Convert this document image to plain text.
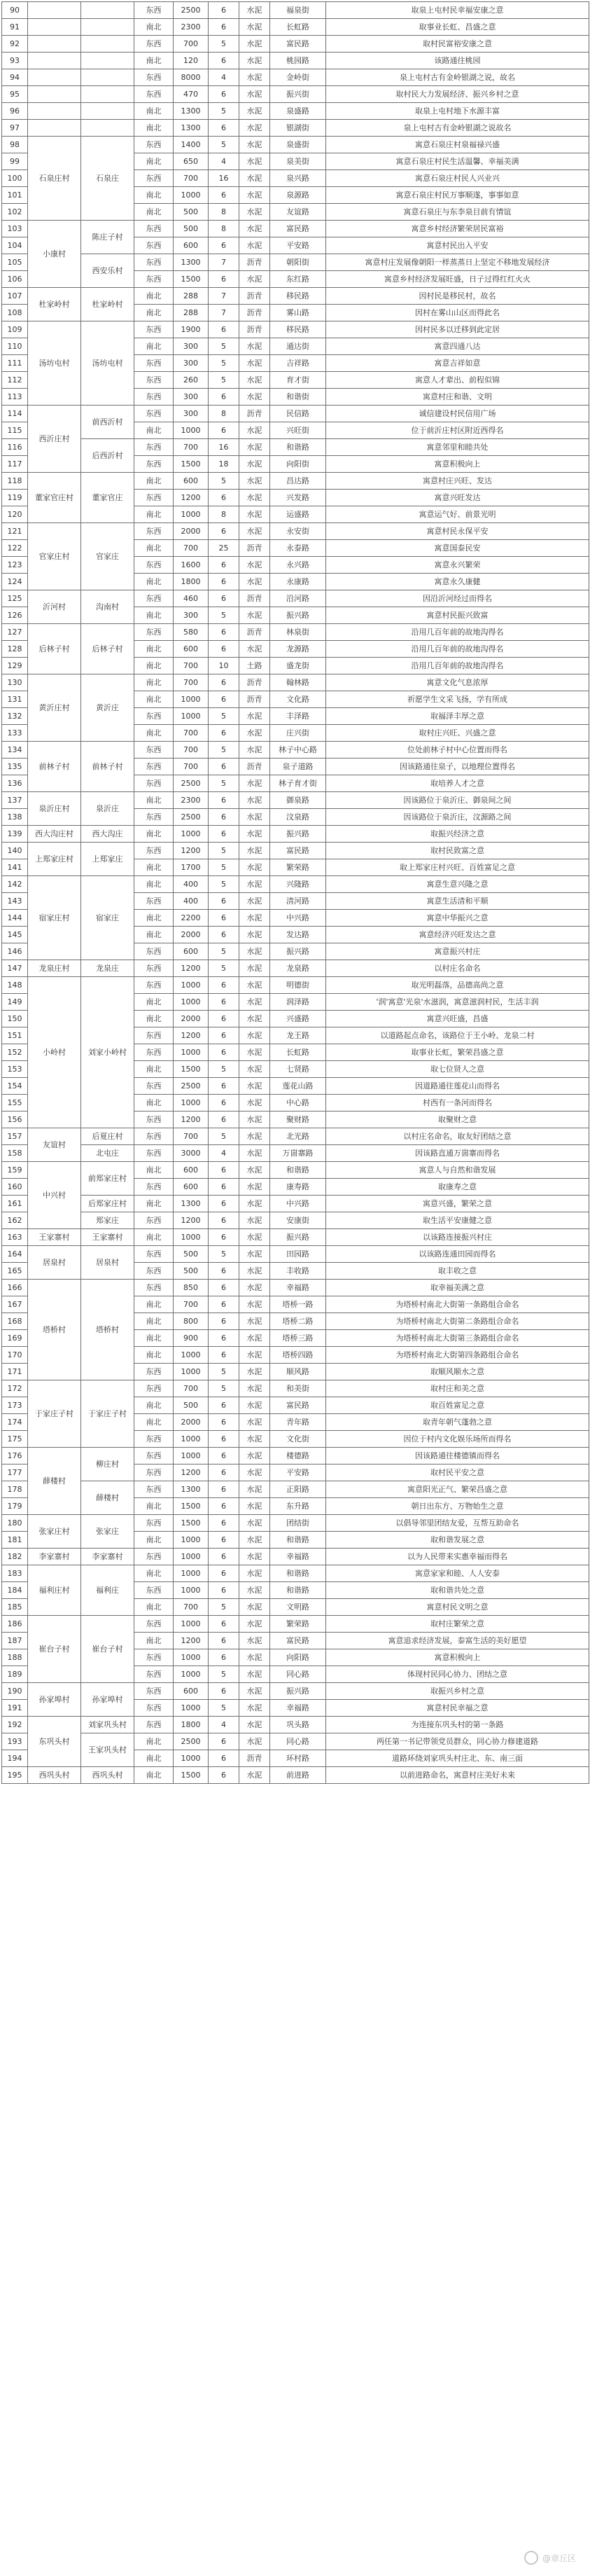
90			东西	2500	6	水泥	福泉街	取泉上屯村民幸福安康之意
91			南北	2300	6	水泥	长虹路	取事业长虹、昌盛之意
92			东西	700	5	水泥	富民路	取村民富裕安康之意
93			南北	120	6	水泥	桃园路	该路通往桃园
94			东西	8000	4	水泥	金岭街	泉上屯村古有金岭银湖之说，故名
95			东西	470	6	水泥	振兴街	取村民大力发展经济、振兴乡村之意
96			南北	1300	5	水泥	泉盛路	取泉上屯村地下水源丰富
97			南北	1300	6	水泥	银湖街	泉上屯村古有金岭银湖之说故名
98	石泉庄村	石泉庄	东西	1400	5	水泥	泉盛街	寓意石泉庄村泉福禄兴盛
99			南北	650	4	水泥	泉美街	寓意石泉庄村民生活温馨、幸福美满
100			东西	700	16	水泥	泉兴路	寓意石泉庄村民人兴业兴
101			南北	1000	6	水泥	泉源路	寓意石泉庄村民万事顺遂，事事如意
102			南北	500	8	水泥	友谊路	寓意石泉庄与东李泉目前有情谊
103	小康村	陈庄子村	东西	500	8	水泥	富民路	寓意乡村经济繁荣居民富裕
104			东西	600	6	水泥	平安路	寓意村民出入平安
105		西安乐村	东西	1300	7	沥青	朝阳街	寓意村庄发展像朝阳一样蒸蒸日上坚定不移地发展经济
106			东西	1500	6	水泥	东红路	寓意乡村经济发展旺盛，日子过得红红火火
107	杜家岭村	杜家岭村	南北	288	7	沥青	移民路	因村民是移民村，故名
108			南北	288	7	沥青	雾山路	因村在雾山山区而得此名
109	汤坊屯村	汤坊屯村	东西	1900	6	沥青	移民路	因村民多以迁移到此定居
110			南北	300	5	水泥	通达街	寓意四通八达
111			东西	300	5	水泥	吉祥路	寓意吉祥如意
112			东西	260	5	水泥	育才街	寓意人才辈出、前程似锦
113			东西	300	6	水泥	和谐街	寓意村庄和谐、文明
114	西沂庄村	前西沂村	东西	300	8	沥青	民信路	诚信建设村民信用广场
115			南北	1000	6	水泥	兴旺街	位于前沂庄村区附近西得名
116		后西沂村	东西	700	16	水泥	和谐路	寓意邻里和睦共处
117			东西	1500	18	水泥	向阳街	寓意积极向上
118	董家官庄村	董家官庄	南北	600	5	水泥	昌达路	寓意村庄兴旺、发达
119			东西	1200	6	水泥	兴发路	寓意兴旺发达
120			南北	1000	8	水泥	运盛路	寓意运气好、前景光明
121	官家庄村	官家庄	东西	2000	6	水泥	永安街	寓意村民永保平安
122			南北	700	25	沥青	永泰路	寓意国泰民安
123			东西	1600	6	水泥	永兴路	寓意永兴繁荣
124			南北	1800	6	水泥	永康路	寓意永久康健
125	沂河村	沟南村	东西	460	6	沥青	沿河路	因沿沂河经过而得名
126			南北	300	5	水泥	振兴路	寓意村民振兴致富
127	后林子村	后林子村	东西	580	6	沥青	林泉街	沿用几百年前的故地沟得名
128			南北	600	6	水泥	龙源路	沿用几百年前的故地沟得名
129			南北	700	10	土路	盛龙街	沿用几百年前的故地沟得名
130	黄沂庄村	黄沂庄	南北	700	6	沥青	翰林路	寓意文化气息浓厚
131			南北	1000	6	沥青	文化路	祈愿学生文采飞扬，学有所成
132			东西	1000	5	水泥	丰泽路	取福泽丰厚之意
133			南北	700	6	水泥	庄兴街	取村庄兴旺、兴盛之意
134	前林子村	前林子村	东西	700	5	水泥	林子中心路	位处前林子村中心位置而得名
135			东西	700	6	沥青	泉子道路	因该路通往泉子，以地理位置得名
136			东西	2500	5	水泥	林子育才街	取培养人才之意
137	泉沂庄村	泉沂庄	南北	2300	6	水泥	御泉路	因该路位于泉沂庄、御泉间之间
138			东西	2500	6	水泥	汶泉路	因该路位于泉沂庄，汶源路之间
139	西大沟庄村	西大沟庄	南北	1000	6	水泥	振兴路	取振兴经济之意
140	上郑家庄村	上郑家庄	东西	1200	5	水泥	富民路	取村民致富之意
141			南北	1700	5	水泥	繁荣路	取上郑家庄村兴旺、百姓富足之意
142	宿家庄村	宿家庄	南北	400	5	水泥	兴隆路	寓意生意兴隆之意
143			东西	400	6	水泥	清河路	寓意生活清和平顺
144			南北	2200	6	水泥	中兴路	寓意中华振兴之意
145			南北	2000	6	水泥	发达路	寓意经济兴旺发达之意
146			东西	600	5	水泥	振兴路	寓意振兴村庄
147	龙泉庄村	龙泉庄	东西	1200	5	水泥	龙泉路	以村庄名命名
148	小岭村	刘家小岭村	东西	1000	6	水泥	明德街	取光明磊落，品德高尚之意
149			南北	1000	6	水泥	润泽路	'润'寓意'光泉'水滋润，寓意滋润村民，生活丰润
150			南北	2000	6	水泥	兴盛路	寓意兴旺盛，昌盛
151			东西	1200	6	水泥	龙王路	以道路起点命名，该路位于王小岭、龙泉二村
152			东西	1000	6	水泥	长虹路	取事业长虹，繁荣昌盛之意
153			南北	1500	5	水泥	七贤路	取七位贤人之意
154			东西	2500	6	水泥	莲花山路	因道路通往莲花山而得名
155			南北	1000	6	水泥	中心路	村西有一条河而得名
156			东西	1200	6	水泥	聚财路	取聚财之意
157	友谊村	后夏庄村	东西	700	5	水泥	北光路	以村庄名命名，取友好团结之意
158		北屯庄	东西	3000	4	水泥	万崮寨路	因该路直通万崮寨而得名
159	中兴村	前郑家庄村	南北	600	6	水泥	和谐路	寓意人与自然和谐发展
160			东西	600	6	水泥	康寿路	取康寿之意
161		后郑家庄村	南北	1300	6	水泥	中兴路	寓意兴盛，繁荣之意
162		郑家庄	东西	1200	6	水泥	安康街	取生活平安康健之意
163	王家寨村	王家寨村	南北	1000	6	水泥	振兴路	以该路连接振兴村庄
164	居泉村	居泉村	东西	500	5	水泥	田园路	以该路连通田园而得名
165			东西	500	6	水泥	丰收路	取丰收之意
166	塔桥村	塔桥村	东西	850	6	水泥	幸福路	取幸福美满之意
167			南北	700	6	水泥	塔桥一路	为塔桥村南北大街第一条路组合命名
168			南北	800	6	水泥	塔桥二路	为塔桥村南北大街第二条路组合命名
169			南北	900	6	水泥	塔桥三路	为塔桥村南北大街第三条路组合命名
170			南北	1000	6	水泥	塔桥四路	为塔桥村南北大街第四条路组合命名
171			东西	1000	5	水泥	顺风路	取顺风顺水之意
172	于家庄子村	于家庄子村	东西	700	5	水泥	和美街	取村庄和美之意
173			南北	500	6	水泥	富民路	取百姓富足之意
174			南北	2000	6	水泥	青年路	取青年朝气蓬勃之意
175			东西	1000	6	水泥	文化街	因位于村内文化娱乐场所而得名
176	薛楼村	柳庄村	东西	1000	6	水泥	楼德路	因该路通往楼德镇而得名
177			东西	1200	6	水泥	平安路	取村民平安之意
178		薛楼村	东西	1300	6	水泥	正阳路	寓意阳光正气、繁荣昌盛之意
179			南北	1500	6	水泥	东升路	朝日出东方、万物始生之意
180	张家庄村	张家庄	东西	1500	6	水泥	团结街	以倡导邻里团结友爱，互帮互助命名
181			南北	1000	6	水泥	和谐路	取和谐发展之意
182	李家寨村	李家寨村	东西	1000	6	水泥	幸福路	以为人民带来实惠幸福而得名
183	福利庄村	福利庄	南北	1000	6	水泥	和谐路	寓意家家和睦、人人安泰
184			东西	1000	6	水泥	和谐路	取和谐共处之意
185			南北	700	5	水泥	文明路	寓意村民文明之意
186	崔台子村	崔台子村	东西	1000	6	水泥	繁荣路	取村庄繁荣之意
187			南北	1200	6	水泥	富民路	寓意追求经济发展，泰富生活的美好愿望
188			东西	1000	6	水泥	向阳路	寓意积极向上
189			东西	1000	5	水泥	同心路	体现村民同心协力、团结之意
190	孙家埠村	孙家埠村	东西	600	6	水泥	振兴路	取振兴乡村之意
191			东西	1000	5	水泥	幸福路	寓意村民幸福之意
192	东巩头村	刘家巩头村	东西	1800	4	水泥	巩头路	为连接东巩头村的第一条路
193		王家巩头村	南北	2500	6	水泥	同心路	两任第一书记带领党员群众，同心协力修建道路
194			南北	1000	6	沥青	环村路	道路环绕刘家巩头村庄北、东、南三面
195	西巩头村	西巩头村	南北	1500	6	水泥	前进路	以前进路命名，寓意村庄美好未来
@章丘区
